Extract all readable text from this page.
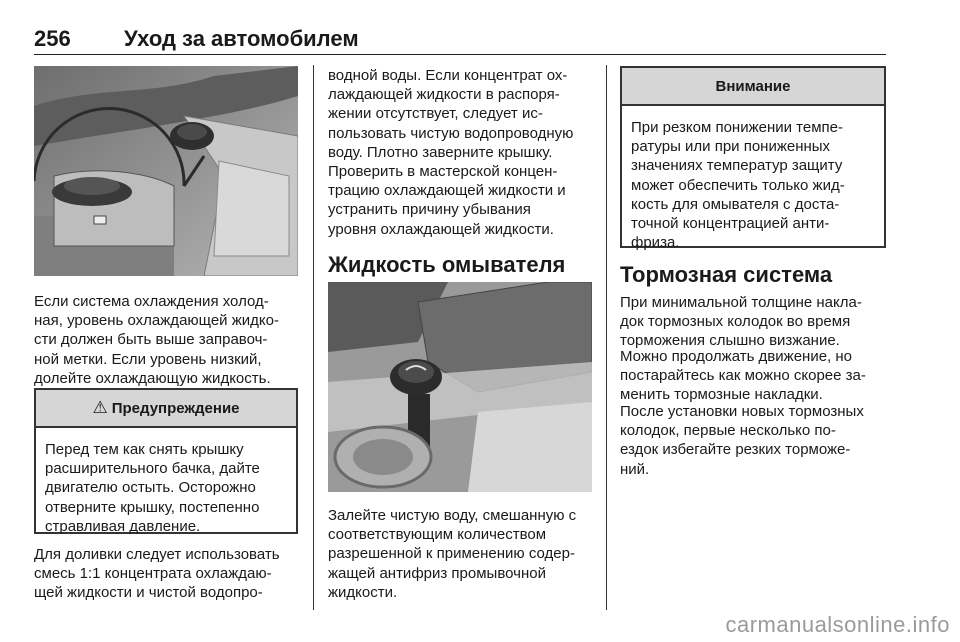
256 Уход за автомобилем

Если система охлаждения холод-

ная, уровень охлаждающей жидко-

сти должен быть выше заправоч-

ной метки. Если уровень низкий,

долейте охлаждающую жидкость.

⚠ Предупреждение
Перед тем как снять крышку
расширительного бачка, дайте
двигателю остыть. Осторожно
отверните крышку, постепенно
стравливая давление.

Для доливки следует использовать

смесь 1:1 концентрата охлаждаю-

щей жидкости и чистой водопро-

водной воды. Если концентрат ох-

лаждающей жидкости в распоря-

жении отсутствует, следует ис-

пользовать чистую водопроводную

воду. Плотно заверните крышку.

Проверить в мастерской концен-

трацию охлаждающей жидкости и

устранить причину убывания

уровня охлаждающей жидкости.

Жидкость омывателя

Залейте чистую воду, смешанную с

соответствующим количеством

разрешенной к применению содер-

жащей антифриз промывочной

жидкости.

Внимание
При резком понижении темпе-
ратуры или при пониженных
значениях температур защиту
может обеспечить только жид-
кость для омывателя с доста-
точной концентрацией анти-
фриза.
Тормозная система

При минимальной толщине накла-

док тормозных колодок во время

торможения слышно визжание.

Можно продолжать движение, но

постарайтесь как можно скорее за-

менить тормозные накладки.

После установки новых тормозных

колодок, первые несколько по-

ездок избегайте резких торможе-

ний.

carmanualsonline.info
